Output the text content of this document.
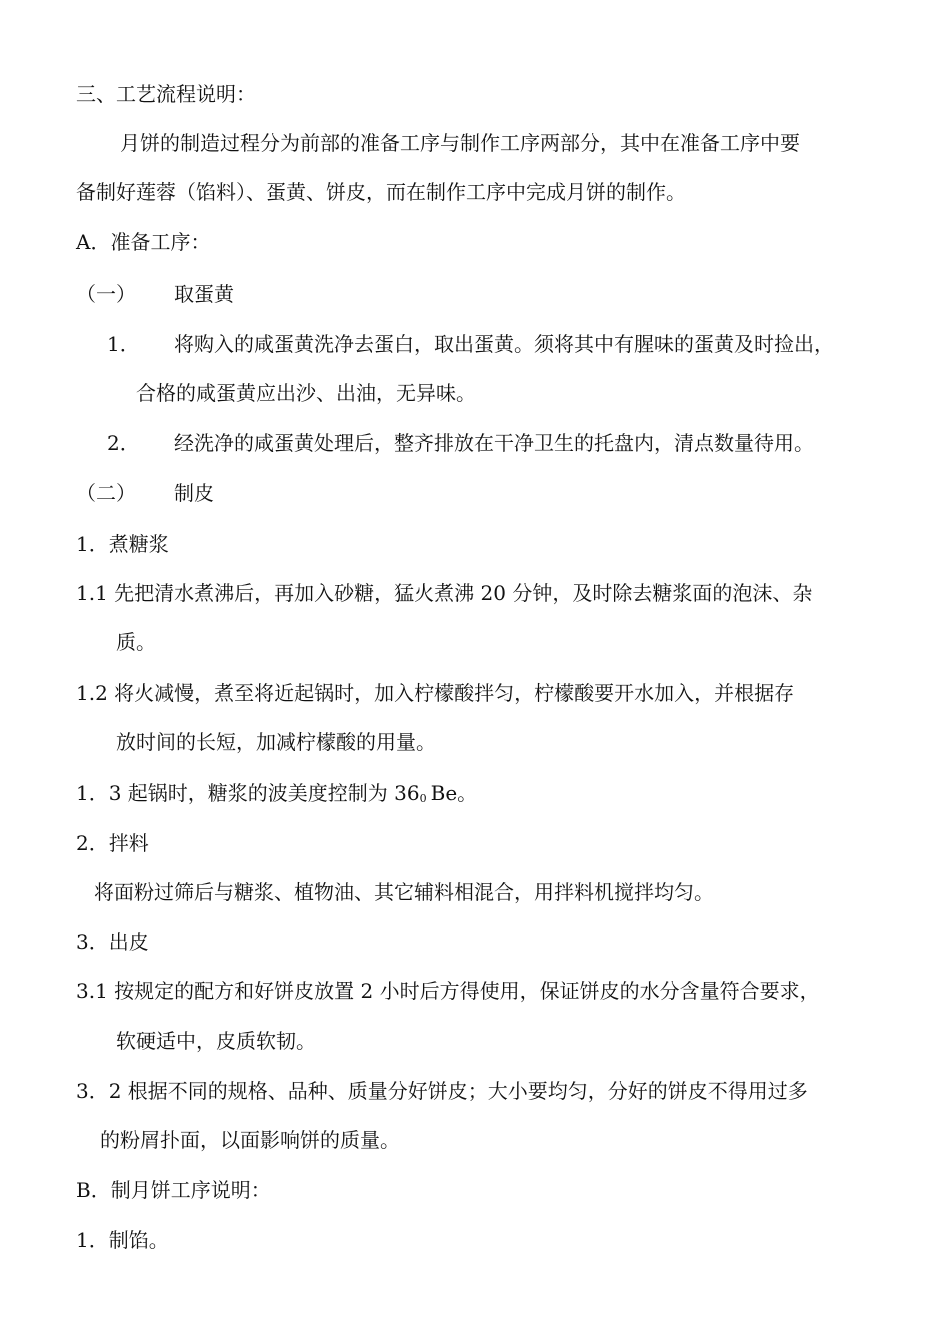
三、工艺流程说明：
月饼的制造过程分为前部的准备工序与制作工序两部分，其中在准备工序中要
备制好莲蓉（馅料）、蛋黄、饼皮，而在制作工序中完成月饼的制作。
A．准备工序：
（一） 取蛋黄
1． 将购入的咸蛋黄洗净去蛋白，取出蛋黄。须将其中有腥味的蛋黄及时捡出，
合格的咸蛋黄应出沙、出油，无异味。
2． 经洗净的咸蛋黄处理后，整齐排放在干净卫生的托盘内，清点数量待用。
（二） 制皮
1．煮糖浆
1.1 先把清水煮沸后，再加入砂糖，猛火煮沸 20 分钟，及时除去糖浆面的泡沫、杂
质。
1.2 将火减慢，煮至将近起锅时，加入柠檬酸拌匀，柠檬酸要开水加入，并根据存
放时间的长短，加减柠檬酸的用量。
1．3 起锅时，糖浆的波美度控制为 360 Be。
2．拌料
将面粉过筛后与糖浆、植物油、其它辅料相混合，用拌料机搅拌均匀。
3．出皮
3.1 按规定的配方和好饼皮放置 2 小时后方得使用，保证饼皮的水分含量符合要求，
软硬适中，皮质软韧。
3．2 根据不同的规格、品种、质量分好饼皮；大小要均匀，分好的饼皮不得用过多
的粉屑扑面，以面影响饼的质量。
B．制月饼工序说明：
1．制馅。
